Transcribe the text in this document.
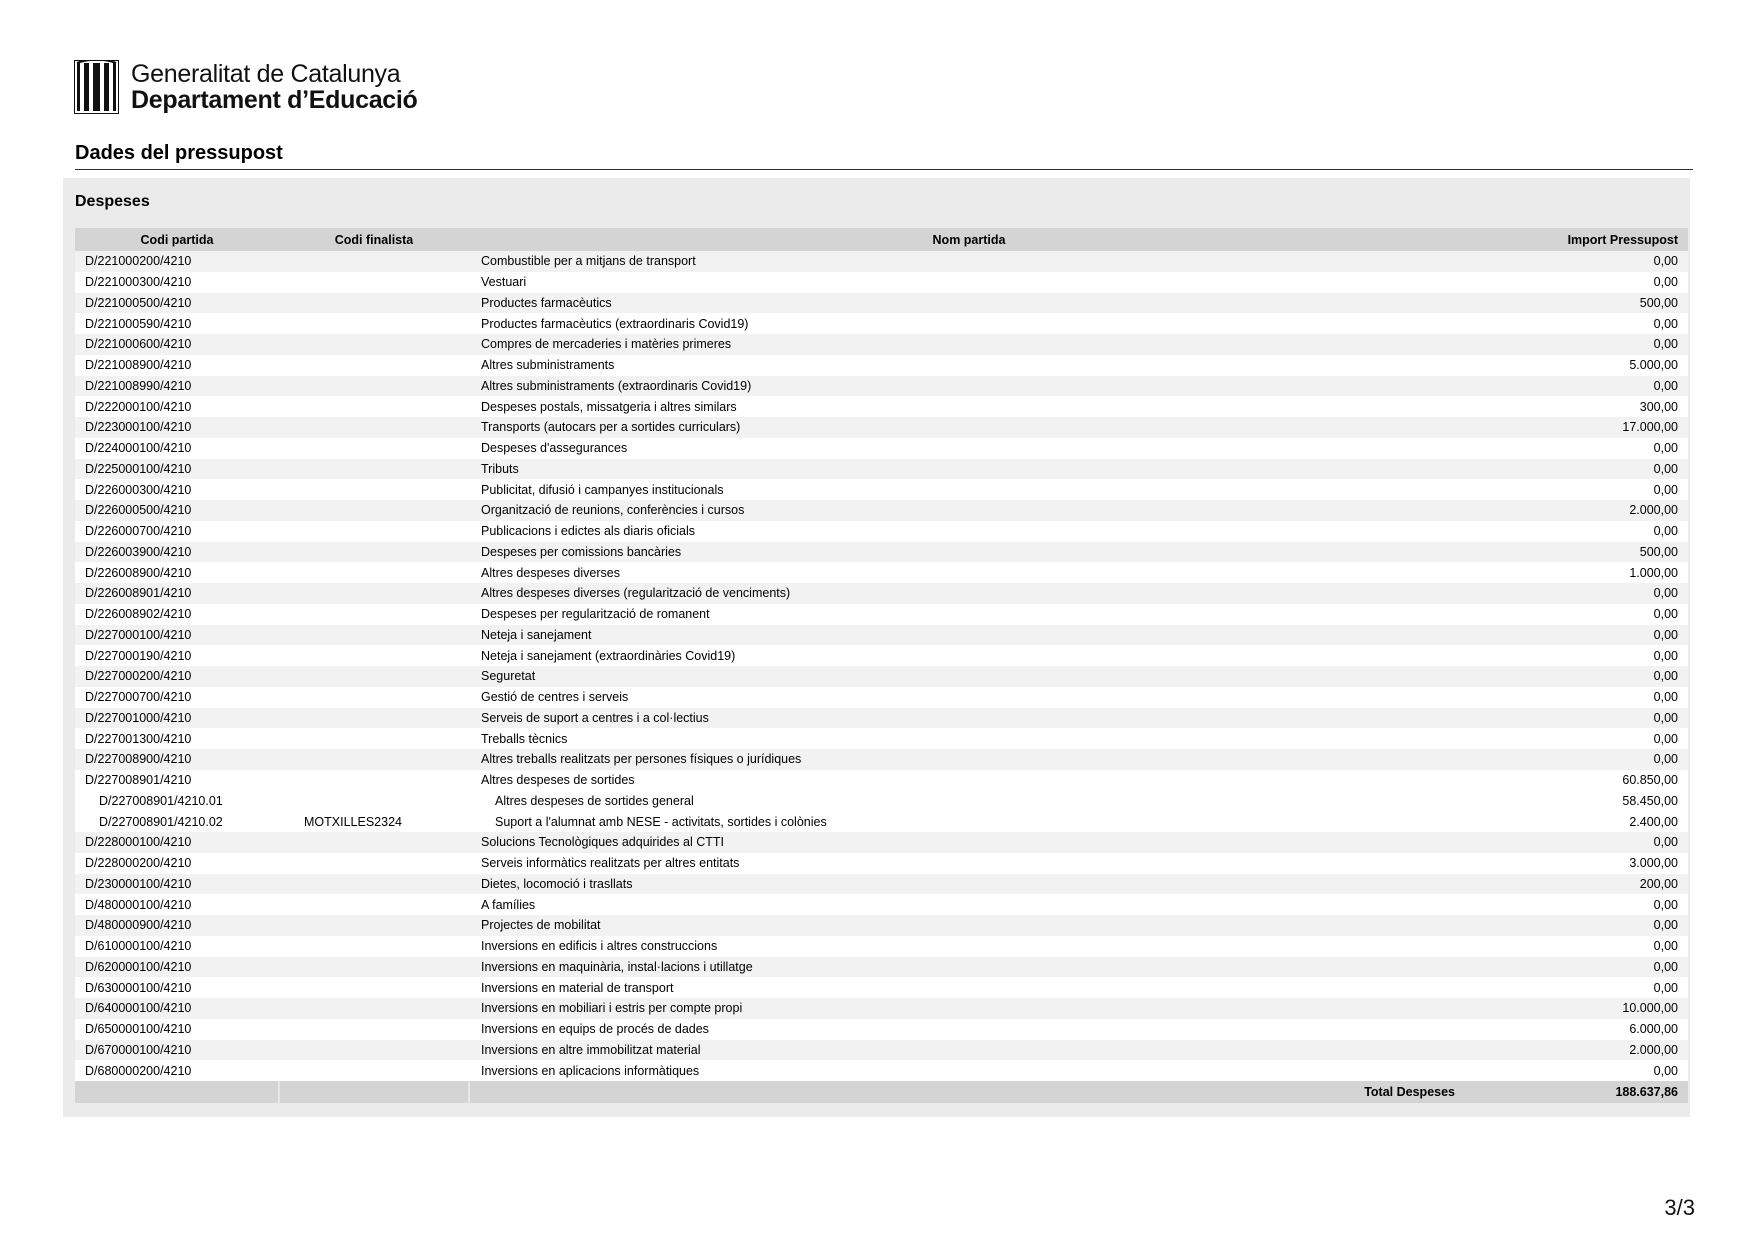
Generalitat de Catalunya
Departament d’Educació
Dades del pressupost
Despeses
Codi partida	Codi finalista	Nom partida	Import Pressupost
D/221000200/4210		Combustible per a mitjans de transport	0,00
D/221000300/4210		Vestuari	0,00
D/221000500/4210		Productes farmacèutics	500,00
D/221000590/4210		Productes farmacèutics (extraordinaris Covid19)	0,00
D/221000600/4210		Compres de mercaderies i matèries primeres	0,00
D/221008900/4210		Altres subministraments	5.000,00
D/221008990/4210		Altres subministraments (extraordinaris Covid19)	0,00
D/222000100/4210		Despeses postals, missatgeria i altres similars	300,00
D/223000100/4210		Transports (autocars per a sortides curriculars)	17.000,00
D/224000100/4210		Despeses d'assegurances	0,00
D/225000100/4210		Tributs	0,00
D/226000300/4210		Publicitat, difusió i campanyes institucionals	0,00
D/226000500/4210		Organització de reunions, conferències i cursos	2.000,00
D/226000700/4210		Publicacions i edictes als diaris oficials	0,00
D/226003900/4210		Despeses per comissions bancàries	500,00
D/226008900/4210		Altres despeses diverses	1.000,00
D/226008901/4210		Altres despeses diverses (regularització de venciments)	0,00
D/226008902/4210		Despeses per regularització de romanent	0,00
D/227000100/4210		Neteja i sanejament	0,00
D/227000190/4210		Neteja i sanejament (extraordinàries Covid19)	0,00
D/227000200/4210		Seguretat	0,00
D/227000700/4210		Gestió de centres i serveis	0,00
D/227001000/4210		Serveis de suport a centres i a col·lectius	0,00
D/227001300/4210		Treballs tècnics	0,00
D/227008900/4210		Altres treballs realitzats per persones físiques o jurídiques	0,00
D/227008901/4210		Altres despeses de sortides	60.850,00
D/227008901/4210.01		Altres despeses de sortides general	58.450,00
D/227008901/4210.02	MOTXILLES2324	Suport a l'alumnat amb NESE - activitats, sortides i colònies	2.400,00
D/228000100/4210		Solucions Tecnològiques adquirides al CTTI	0,00
D/228000200/4210		Serveis informàtics realitzats per altres entitats	3.000,00
D/230000100/4210		Dietes, locomoció i trasllats	200,00
D/480000100/4210		A famílies	0,00
D/480000900/4210		Projectes de mobilitat	0,00
D/610000100/4210		Inversions en edificis i altres construccions	0,00
D/620000100/4210		Inversions en maquinària, instal·lacions i utillatge	0,00
D/630000100/4210		Inversions en material de transport	0,00
D/640000100/4210		Inversions en mobiliari i estris per compte propi	10.000,00
D/650000100/4210		Inversions en equips de procés de dades	6.000,00
D/670000100/4210		Inversions en altre immobilitzat material	2.000,00
D/680000200/4210		Inversions en aplicacions informàtiques	0,00
		Total Despeses	188.637,86
3/3
